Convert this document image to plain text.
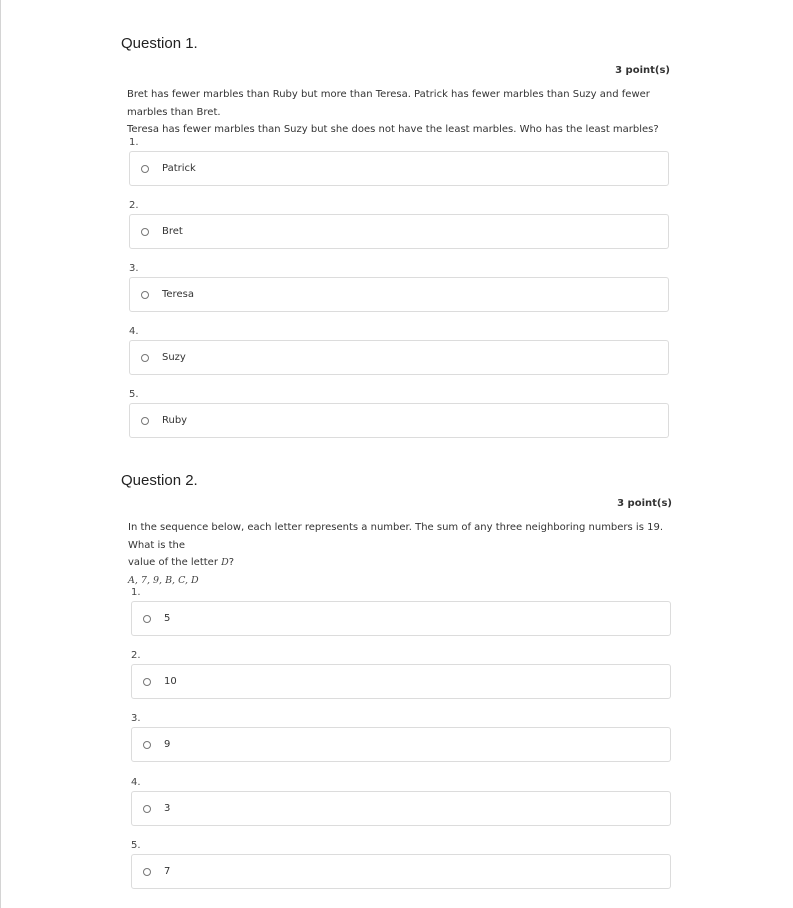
Question 1.
3 point(s)

Bret has fewer marbles than Ruby but more than Teresa. Patrick has fewer marbles than Suzy and fewer marbles than Bret.

Teresa has fewer marbles than Suzy but she does not have the least marbles. Who has the least marbles?

1.
Patrick
2.
Bret
3.
Teresa
4.
Suzy
5.
Ruby
Question 2.
3 point(s)

In the sequence below, each letter represents a number. The sum of any three neighboring numbers is 19. What is the

value of the letter D?

A, 7, 9, B, C, D

1.
5
2.
10
3.
9
4.
3
5.
7
